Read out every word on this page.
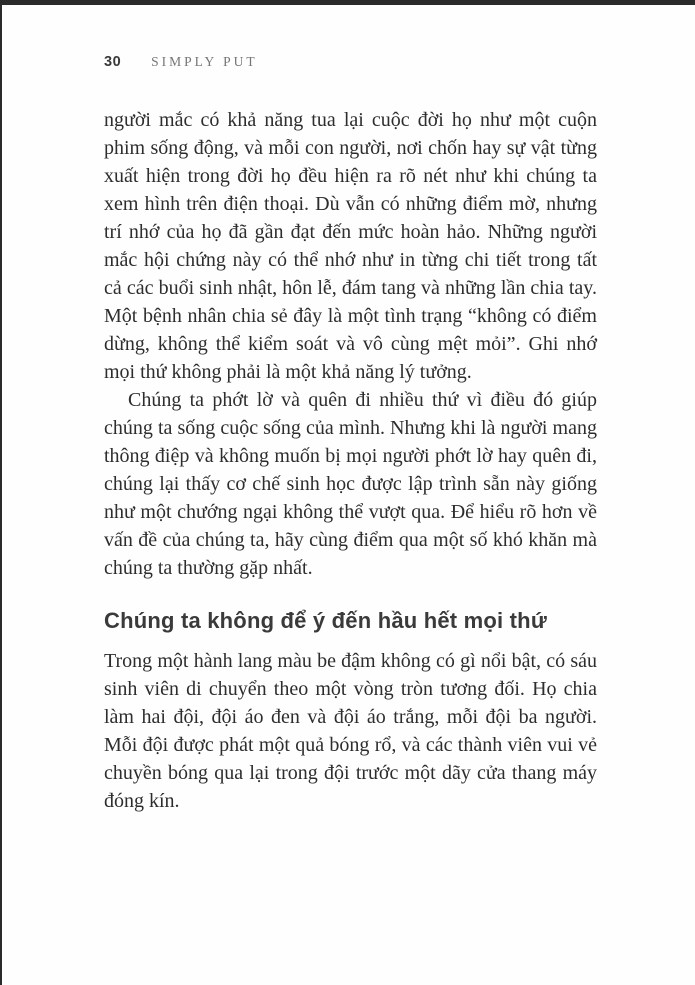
30 SIMPLY PUT

người mắc có khả năng tua lại cuộc đời họ như một cuộn phim sống động, và mỗi con người, nơi chốn hay sự vật từng xuất hiện trong đời họ đều hiện ra rõ nét như khi chúng ta xem hình trên điện thoại. Dù vẫn có những điểm mờ, nhưng trí nhớ của họ đã gần đạt đến mức hoàn hảo. Những người mắc hội chứng này có thể nhớ như in từng chi tiết trong tất cả các buổi sinh nhật, hôn lễ, đám tang và những lần chia tay. Một bệnh nhân chia sẻ đây là một tình trạng “không có điểm dừng, không thể kiểm soát và vô cùng mệt mỏi”. Ghi nhớ mọi thứ không phải là một khả năng lý tưởng.

Chúng ta phớt lờ và quên đi nhiều thứ vì điều đó giúp chúng ta sống cuộc sống của mình. Nhưng khi là người mang thông điệp và không muốn bị mọi người phớt lờ hay quên đi, chúng lại thấy cơ chế sinh học được lập trình sẵn này giống như một chướng ngại không thể vượt qua. Để hiểu rõ hơn về vấn đề của chúng ta, hãy cùng điểm qua một số khó khăn mà chúng ta thường gặp nhất.

Chúng ta không để ý đến hầu hết mọi thứ

Trong một hành lang màu be đậm không có gì nổi bật, có sáu sinh viên di chuyển theo một vòng tròn tương đối. Họ chia làm hai đội, đội áo đen và đội áo trắng, mỗi đội ba người. Mỗi đội được phát một quả bóng rổ, và các thành viên vui vẻ chuyền bóng qua lại trong đội trước một dãy cửa thang máy đóng kín.
